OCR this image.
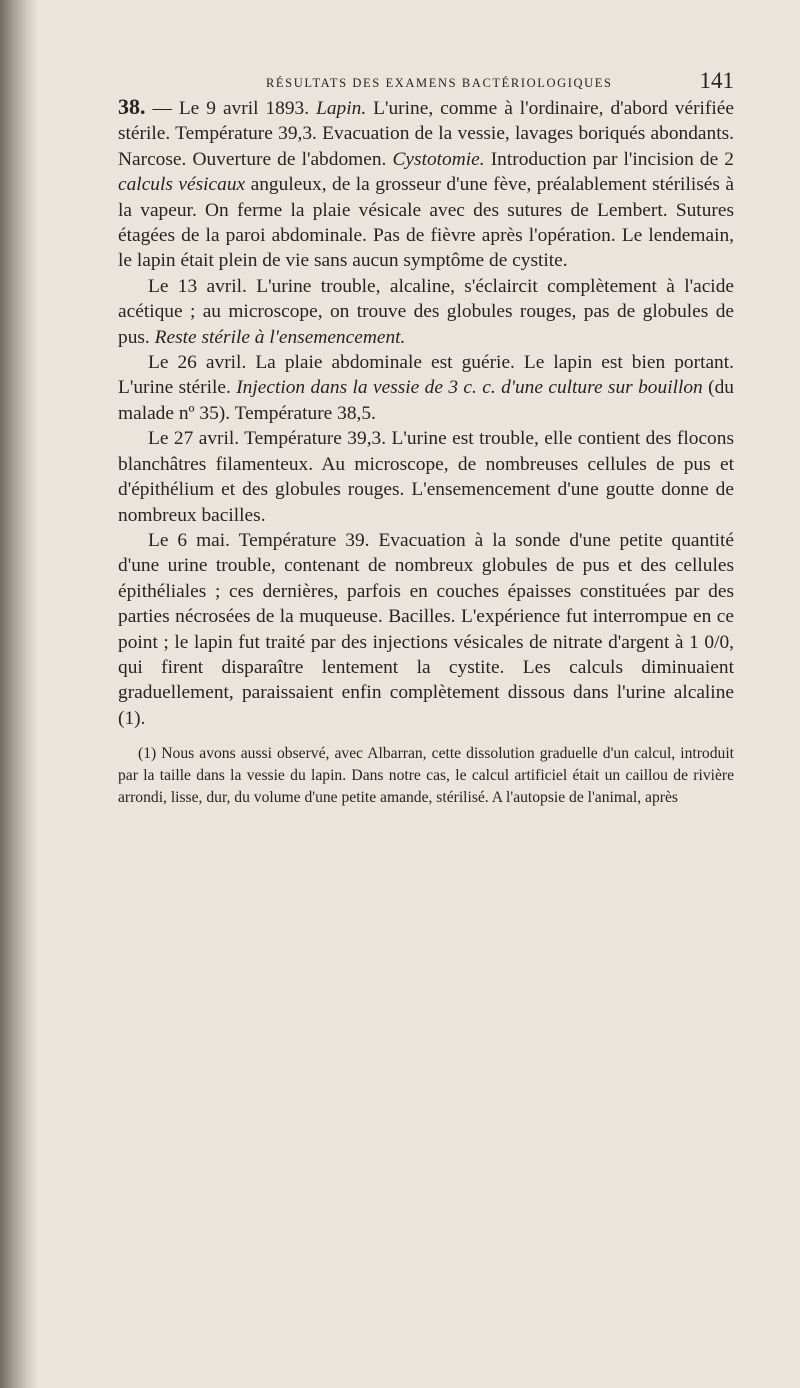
RÉSULTATS DES EXAMENS BACTÉRIOLOGIQUES	141

38. — Le 9 avril 1893. Lapin. L'urine, comme à l'ordinaire, d'abord vérifiée stérile. Température 39,3. Evacuation de la vessie, lavages boriqués abondants. Narcose. Ouverture de l'abdomen. Cystotomie. Introduction par l'incision de 2 calculs vésicaux anguleux, de la grosseur d'une fève, préalablement stérilisés à la vapeur. On ferme la plaie vésicale avec des sutures de Lembert. Sutures étagées de la paroi abdominale. Pas de fièvre après l'opération. Le lendemain, le lapin était plein de vie sans aucun symptôme de cystite.

Le 13 avril. L'urine trouble, alcaline, s'éclaircit complètement à l'acide acétique ; au microscope, on trouve des globules rouges, pas de globules de pus. Reste stérile à l'ensemencement.

Le 26 avril. La plaie abdominale est guérie. Le lapin est bien portant. L'urine stérile. Injection dans la vessie de 3 c. c. d'une culture sur bouillon (du malade nº 35). Température 38,5.

Le 27 avril. Température 39,3. L'urine est trouble, elle contient des flocons blanchâtres filamenteux. Au microscope, de nombreuses cellules de pus et d'épithélium et des globules rouges. L'ensemencement d'une goutte donne de nombreux bacilles.

Le 6 mai. Température 39. Evacuation à la sonde d'une petite quantité d'une urine trouble, contenant de nombreux globules de pus et des cellules épithéliales ; ces dernières, parfois en couches épaisses constituées par des parties nécrosées de la muqueuse. Bacilles. L'expérience fut interrompue en ce point ; le lapin fut traité par des injections vésicales de nitrate d'argent à 1 0/0, qui firent disparaître lentement la cystite. Les calculs diminuaient graduellement, paraissaient enfin complètement dissous dans l'urine alcaline (1).

(1) Nous avons aussi observé, avec Albarran, cette dissolution graduelle d'un calcul, introduit par la taille dans la vessie du lapin. Dans notre cas, le calcul artificiel était un caillou de rivière arrondi, lisse, dur, du volume d'une petite amande, stérilisé. A l'autopsie de l'animal, après
